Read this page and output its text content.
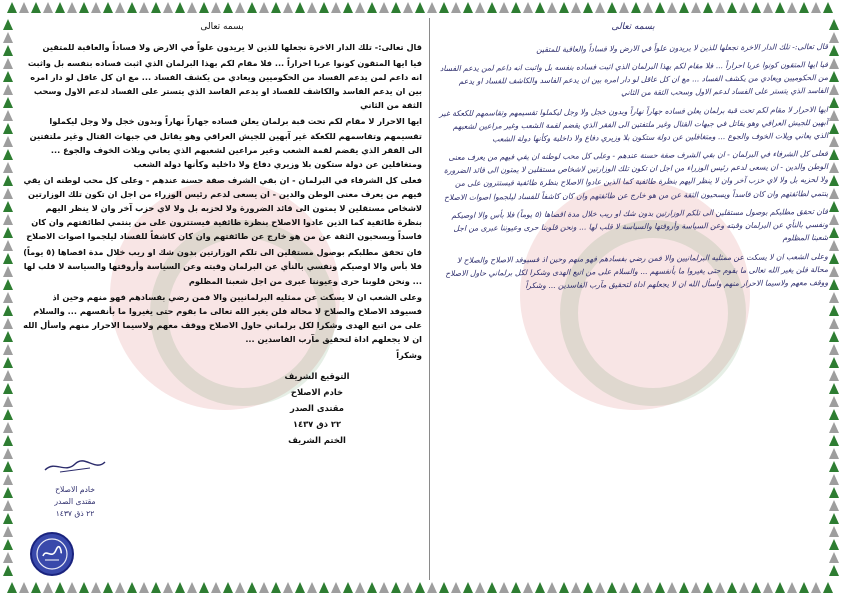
بسمه تعالى

قال تعالى:- تلك الدار الاخرة نجعلها للذين لا يريدون علواً في الارض ولا فساداً والعاقبة للمتقين

فيا ايها المتقون كونوا عربا احراراً ... فلا مقام لكم بهذا البرلمان الذي اثبت فساده بنفسه بل واثبت انه داعم لمن يدعم الفساد من الحكوميين ويعادي من يكشف الفساد ... مع ان كل عاقل لو دار امره بين ان يدعم الفاسد والكاشف للفساد او يدعم الفاسد الذي يتستر على الفساد لدعم الاول وسحب الثقة من الثاني

ايها الاحرار لا مقام لكم تحت قبة برلمان يعلن فساده جهاراً نهاراً وبدون خجل ولا وجل ليكملوا تقسيمهم وتقاسمهم للكعكة غير آبهين للجيش العراقي وهو يقاتل في جبهات القتال وغير ملتفتين الى الفقر الذي يقضم لقمة الشعب وغير مراعين لشعبهم الذي يعاني ويلات الخوف والجوع ... ومتغافلين عن دولة ستكون بلا وزيري دفاع ولا داخلية وكأنها دولة الشعب

فعلى كل الشرفاء في البرلمان - ان بقي الشرف صفة حسنة عندهم - وعلى كل محب لوطنه ان يقي فيهم من يعرف معنى الوطن والدين - ان يسعى لدعم رئيس الوزراء من اجل ان تكون تلك الوزارتين لاشخاص مستقلين لا يمتون الى قائد الضرورة ولا لحزبه بل ولا لاي حزب آخر وان لا ينظر اليهم بنظرة طائفية كما الذين عادوا الاصلاح بنظرة طائفية فيستترون على من ينتمي لطائفتهم وان كان فاسداً ويسحبون الثقة عن من هو خارج عن طائفتهم وان كان كاشفاً للفساد ليلجموا اصوات الاصلاح

فان تحقق مطلبكم بوصول مستقلين الى تلكم الوزارتين بدون شك او ريب خلال مدة اقصاها (٥ يوماً) فلا بأس والا اوصيكم ونفسي بالنأي عن البرلمان وقبته وعن السياسة وأروقتها والسياسة لا قلب لها ... ونحن قلوبنا حرى وعيوننا عبرى من اجل شعبنا المظلوم

وعلى الشعب ان لا يسكت عن ممثليه البرلمانيين والا فمن رضي بفسادهم فهو منهم وحين اذ فسيوفد الاصلاح والصلاح لا محالة فلن يغير الله تعالى ما بقوم حتى يغيروا ما بأنفسهم ... والسلام على من اتبع الهدى وشكرا لكل برلماني حاول الاصلاح ووقف معهم ولاسيما الاحرار منهم واسأل الله ان لا يجعلهم اداة لتحقيق مآرب الفاسدين ...

وشكراً

التوقيع الشريف
خادم الاصلاح
مقتدى الصدر
٢٢ ذق ١٤٣٧
الختم الشريف
بسمه تعالى

قال تعالى:- تلك الدار الاخرة نجعلها للذين لا يريدون علواً في الارض ولا فساداً والعاقبة للمتقين

فيا ايها المتقون كونوا عربا احراراً ... فلا مقام لكم بهذا البرلمان الذي اثبت فساده بنفسه بل واثبت انه داعم لمن يدعم الفساد من الحكوميين ويعادي من يكشف الفساد ... مع ان كل عاقل لو دار امره بين ان يدعم الفاسد والكاشف للفساد او يدعم الفاسد الذي يتستر على الفساد لدعم الاول وسحب الثقة من الثاني

ايها الاحرار لا مقام لكم تحت قبة برلمان يعلن فساده جهاراً نهاراً وبدون خجل ولا وجل ليكملوا تقسيمهم وتقاسمهم للكعكة غير آبهين للجيش العراقي وهو يقاتل في جبهات القتال وغير ملتفتين الى الفقر الذي يقضم لقمة الشعب وغير مراعين لشعبهم الذي يعاني ويلات الخوف والجوع ... ومتغافلين عن دولة ستكون بلا وزيري دفاع ولا داخلية وكأنها دولة الشعب

فعلى كل الشرفاء في البرلمان - ان بقي الشرف صفة حسنة عندهم - وعلى كل محب لوطنه ان يقي فيهم من يعرف معنى الوطن والدين - ان يسعى لدعم رئيس الوزراء من اجل ان تكون تلك الوزارتين لاشخاص مستقلين لا يمتون الى قائد الضرورة ولا لحزبه بل ولا لاي حزب آخر وان لا ينظر اليهم بنظرة طائفية كما الذين عادوا الاصلاح بنظرة طائفية فيستترون على من ينتمي لطائفتهم وان كان فاسداً ويسحبون الثقة عن من هو خارج عن طائفتهم وان كان كاشفاً للفساد ليلجموا اصوات الاصلاح

فان تحقق مطلبكم بوصول مستقلين الى تلكم الوزارتين بدون شك او ريب خلال مدة اقصاها (٥ يوماً) فلا بأس والا اوصيكم ونفسي بالنأي عن البرلمان وقبته وعن السياسة وأروقتها والسياسة لا قلب لها ... ونحن قلوبنا حرى وعيوننا عبرى من اجل شعبنا المظلوم

وعلى الشعب ان لا يسكت عن ممثليه البرلمانيين والا فمن رضي بفسادهم فهو منهم وحين اذ فسيوفد الاصلاح والصلاح لا محالة فلن يغير الله تعالى ما بقوم حتى يغيروا ما بأنفسهم ... والسلام على من اتبع الهدى وشكرا لكل برلماني حاول الاصلاح ووقف معهم ولاسيما الاحرار منهم واسأل الله ان لا يجعلهم اداة لتحقيق مآرب الفاسدين ... وشكراً

خادم الاصلاح
مقتدى الصدر
٢٢ ذق ١٤٣٧
